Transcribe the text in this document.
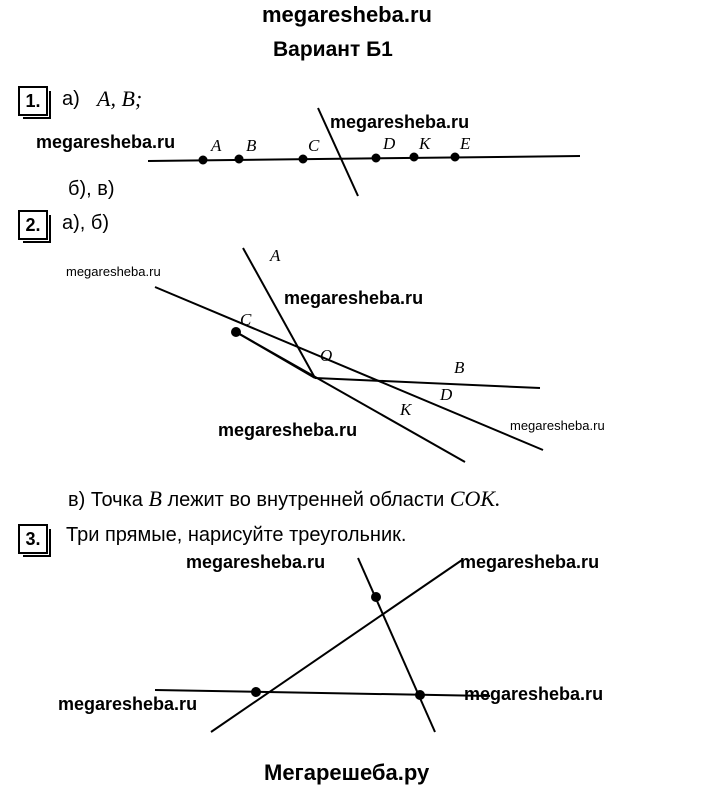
megaresheba.ru
Вариант Б1
1.	а) A, B;
megaresheba.ru
megaresheba.ru
A B	C	D K E
б), в)
2.	а), б)
megaresheba.ru
megaresheba.ru
megaresheba.ru	megaresheba.ru
A
C
O
B
D
K
в) Точка B лежит во внутренней области COK.
3.	Три прямые, нарисуйте треугольник.
megaresheba.ru	megaresheba.ru
megaresheba.ru	megaresheba.ru
Мегарешеба.ру
